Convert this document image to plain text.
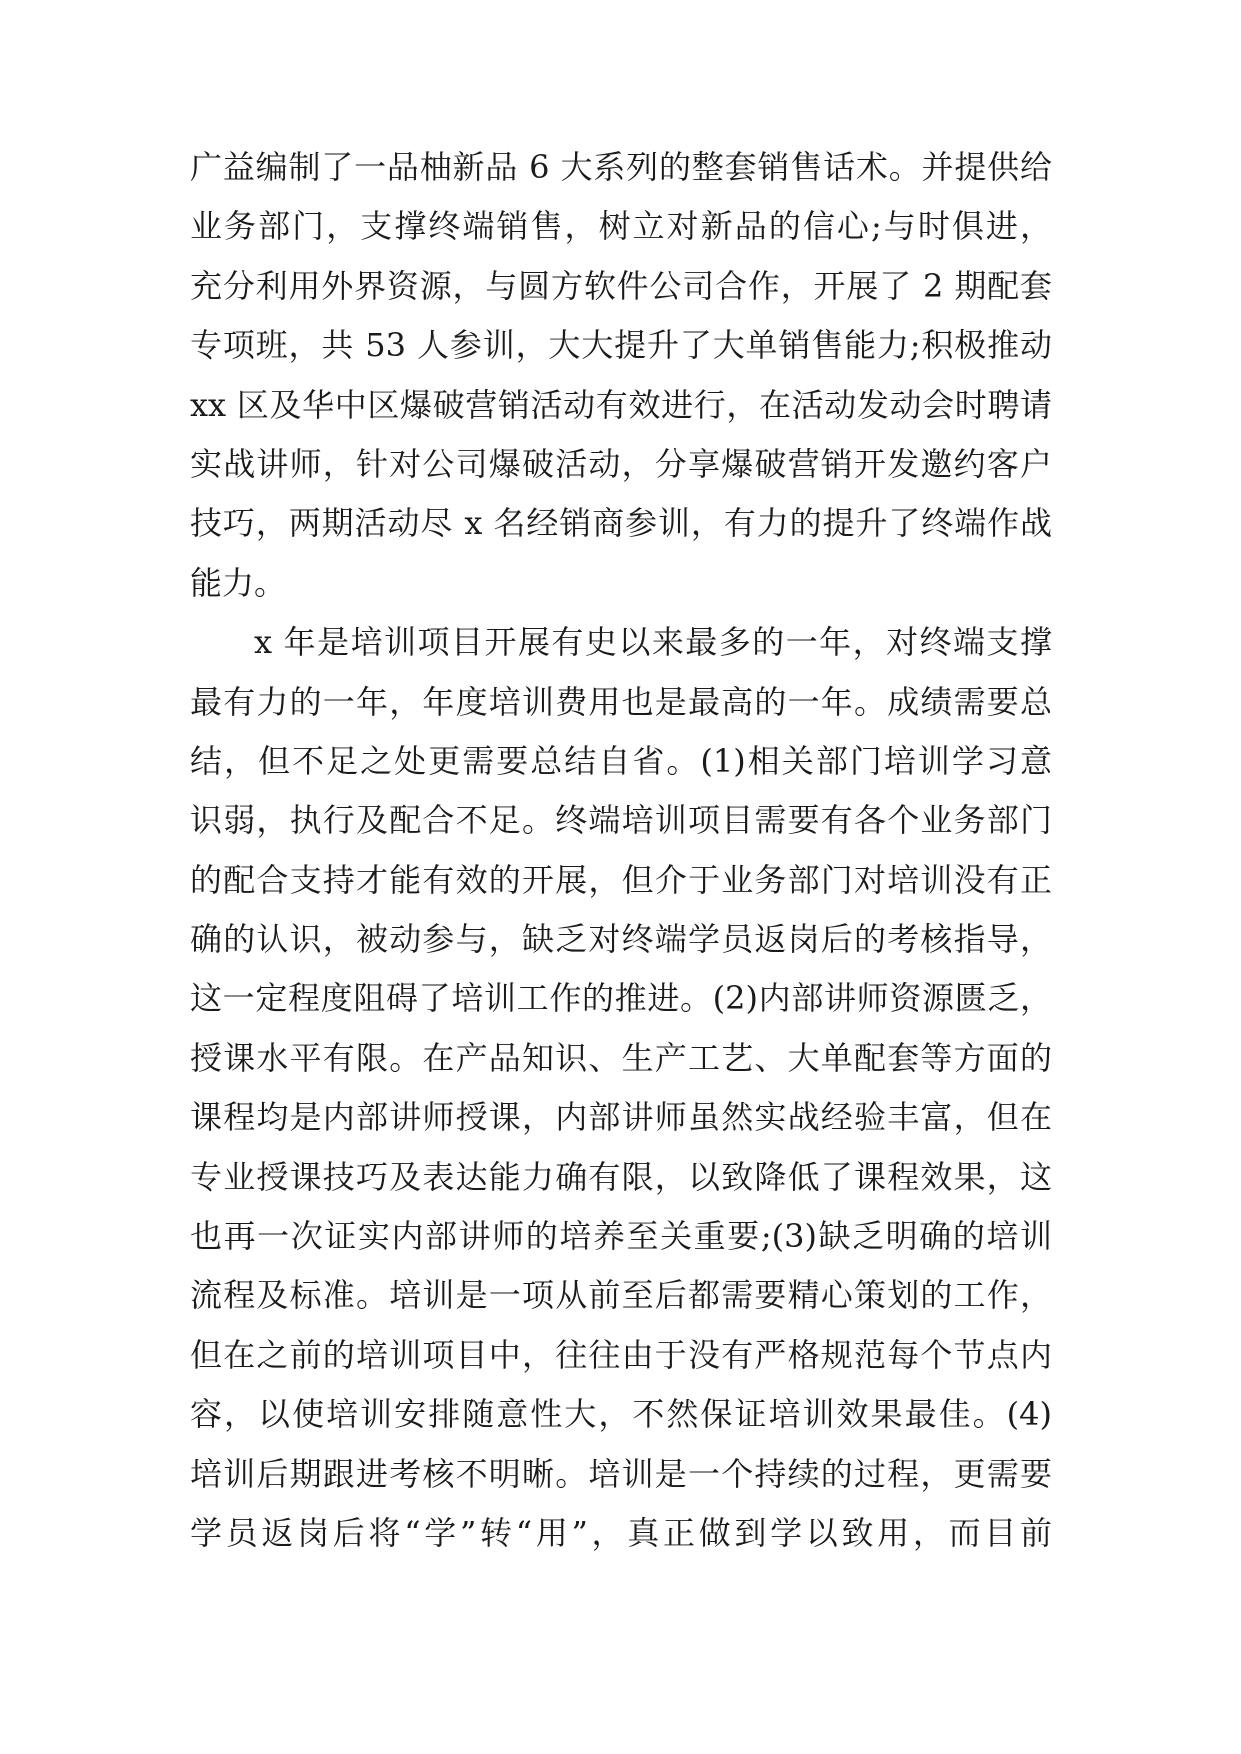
广益编制了一品柚新品 6 大系列的整套销售话术。并提供给
业务部门，支撑终端销售，树立对新品的信心;与时俱进，
充分利用外界资源，与圆方软件公司合作，开展了 2 期配套
专项班，共 53 人参训，大大提升了大单销售能力;积极推动
xx 区及华中区爆破营销活动有效进行，在活动发动会时聘请
实战讲师，针对公司爆破活动，分享爆破营销开发邀约客户
技巧，两期活动尽 x 名经销商参训，有力的提升了终端作战
能力。
x 年是培训项目开展有史以来最多的一年，对终端支撑
最有力的一年，年度培训费用也是最高的一年。成绩需要总
结，但不足之处更需要总结自省。(1)相关部门培训学习意
识弱，执行及配合不足。终端培训项目需要有各个业务部门
的配合支持才能有效的开展，但介于业务部门对培训没有正
确的认识，被动参与，缺乏对终端学员返岗后的考核指导，
这一定程度阻碍了培训工作的推进。(2)内部讲师资源匮乏，
授课水平有限。在产品知识、生产工艺、大单配套等方面的
课程均是内部讲师授课，内部讲师虽然实战经验丰富，但在
专业授课技巧及表达能力确有限，以致降低了课程效果，这
也再一次证实内部讲师的培养至关重要;(3)缺乏明确的培训
流程及标准。培训是一项从前至后都需要精心策划的工作，
但在之前的培训项目中，往往由于没有严格规范每个节点内
容，以使培训安排随意性大，不然保证培训效果最佳。(4)
培训后期跟进考核不明晰。培训是一个持续的过程，更需要
学员返岗后将“学”转“用”，真正做到学以致用，而目前
